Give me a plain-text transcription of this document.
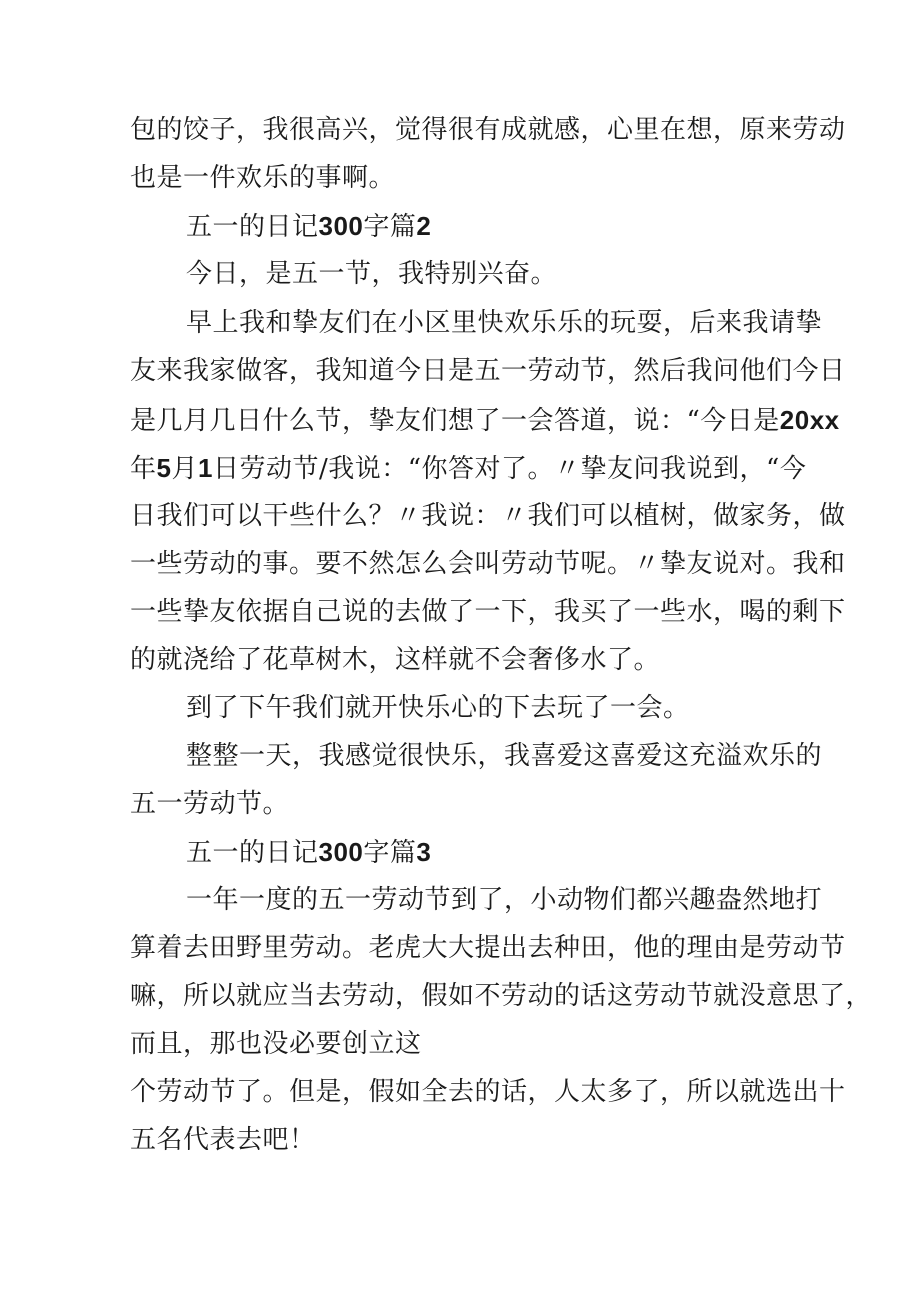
包的饺子，我很高兴，觉得很有成就感，心里在想，原来劳动
也是一件欢乐的事啊。
五一的日记300字篇2
今日，是五一节，我特别兴奋。
早上我和挚友们在小区里快欢乐乐的玩耍，后来我请挚
友来我家做客，我知道今日是五一劳动节，然后我问他们今日
是几月几日什么节，挚友们想了一会答道，说：“今日是20xx
年5月1日劳动节/我说：“你答对了。〃挚友问我说到，“今
日我们可以干些什么？〃我说：〃我们可以植树，做家务，做
一些劳动的事。要不然怎么会叫劳动节呢。〃挚友说对。我和
一些挚友依据自己说的去做了一下，我买了一些水，喝的剩下
的就浇给了花草树木，这样就不会奢侈水了。
到了下午我们就开快乐心的下去玩了一会。
整整一天，我感觉很快乐，我喜爱这喜爱这充溢欢乐的
五一劳动节。
五一的日记300字篇3
一年一度的五一劳动节到了，小动物们都兴趣盎然地打
算着去田野里劳动。老虎大大提出去种田，他的理由是劳动节
嘛，所以就应当去劳动，假如不劳动的话这劳动节就没意思了，
而且，那也没必要创立这
个劳动节了。但是，假如全去的话，人太多了，所以就选出十
五名代表去吧！
